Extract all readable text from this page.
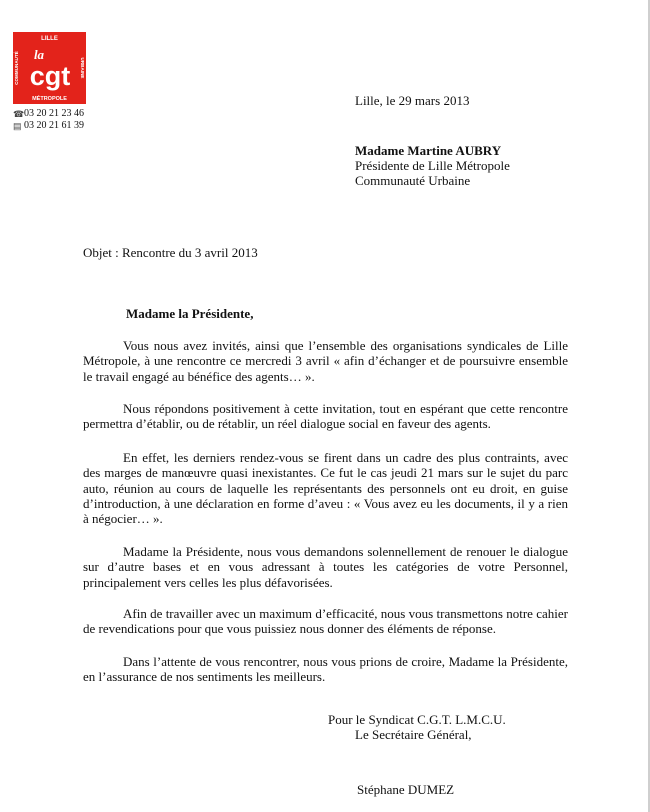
LILLE
COMMUNAUTÉ	URBAINE
la
cgt
MÉTROPOLE
☎ 03 20 21 23 46
▤ 03 20 21 61 39
Lille, le 29 mars 2013
Madame Martine AUBRY
Présidente de Lille Métropole
Communauté Urbaine
Objet : Rencontre du 3 avril 2013
Madame la Présidente,

Vous nous avez invités, ainsi que l’ensemble des organisations syndicales de Lille Métropole, à une rencontre ce mercredi 3 avril « afin d’échanger et de poursuivre ensemble le travail engagé au bénéfice des agents… ».

Nous répondons positivement à cette invitation, tout en espérant que cette rencontre permettra d’établir, ou de rétablir, un réel dialogue social en faveur des agents.

En effet, les derniers rendez-vous se firent dans un cadre des plus contraints, avec des marges de manœuvre quasi inexistantes. Ce fut le cas jeudi 21 mars sur le sujet du parc auto, réunion au cours de laquelle les représentants des personnels ont eu droit, en guise d’introduction, à une déclaration en forme d’aveu : « Vous avez eu les documents, il y a rien à négocier… ».

Madame la Présidente, nous vous demandons solennellement de renouer le dialogue sur d’autre bases et en vous adressant à toutes les catégories de votre Personnel, principalement vers celles les plus défavorisées.

Afin de travailler avec un maximum d’efficacité, nous vous transmettons notre cahier de revendications pour que vous puissiez nous donner des éléments de réponse.

Dans l’attente de vous rencontrer, nous vous prions de croire, Madame la Présidente, en l’assurance de nos sentiments les meilleurs.

Pour le Syndicat C.G.T. L.M.C.U.
Le Secrétaire Général,
Stéphane DUMEZ
